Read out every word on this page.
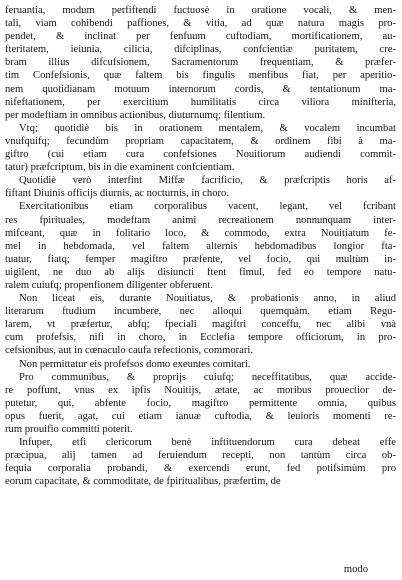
feruantia, modum perfiftendi fuctuosè in oratione vocali, & men-
tali, viam cohibendi paffiones, & vitia, ad quæ natura magis pro-
pendet, & inclinat per fenfuum cuftodiam, mortificationem, au-
fteritatem, ieiunia, cilicia, difciplinas, confcientiæ puritatem, cre-
bram illius difcufsionem, Sacramentorum frequentiam, & præfer-
tim Confefsionis, quæ faltem bis fingulis menfibus fiat, per aperitio-
nem quotidianam motuum internorum cordis, & tentationum ma-
nifeftationem, per exercitium humilitatis circa viliora minifteria,
per modeftiam in omnibus actionibus, diuturnumq; filentium.
Vtq; quotidiè bis in orationem mentalem, & vocalem incumbat
vnufquifq; fecundùm propriam capacitatem, & ordinem fibi à ma-
giftro (cui etiam cura confefsiones Nouitiorum audiendi commit-
tatur) præfcriptum, bis in die examinent confcientiam.
Quotidiè verò interfint Miffæ facrificio, & præfcriptis horis af-
fiftant Diuinis officijs diurnis, ac nocturnis, in choro.
Exercitationibus etiam corporalibus vacent, legant, vel fcribant
res fpirituales, modeftam animi recreationem nonnunquam inter-
mifceant, quæ in folitario loco, & commodo, extra Nouitiatum fe-
mel in hebdomada, vel faltem alternis hebdomadibus longior fta-
tuatur, fiatq; femper magiftro præfente, vel focio, qui multùm in-
uigilent, ne duo ab alijs disiuncti ftent fimul, fed eo tempore natu-
ralem cuiufq; propenfionem diligenter obferuent.
Non liceat eis, durante Nouitiatus, & probationis anno, in aliud
literarum ftudium incumbere, nec alloqui quemquàm, etiam Regu-
larem, vt præfertur, abfq; fpeciali magiftri conceffu, nec alibi vnà
cum profefsis, nifi in choro, in Ecclefia tempore officiorum, in pro-
cefsionibus, aut in cœnaculo caufa refectionis, commorari.
Non permittatur eis profefsos domo exeuntes comitari.
Pro communibus, & proprijs cuiufq; neceffitatibus, quæ accide-
re poffunt, vnus ex ipfis Nouitijs, ætate, ac moribus prouectior de-
putetur, qui, abfente focio, magiftro permittente omnia, quibus
opus fuerit, agat, cui etiam ianuæ cuftodia, & leuioris momenti re-
rum prouifio committi poterit.
Infuper, etfi clericorum benè inftituendorum cura debeat effe
præcipua, alij tamen ad feruiendum recepti, non tantùm circa ob-
fequia corporalia probandi, & exercendi erunt, fed potifsimùm pro
eorum capacitate, & commoditate, de fpiritualibus, præfertim, de
modo
